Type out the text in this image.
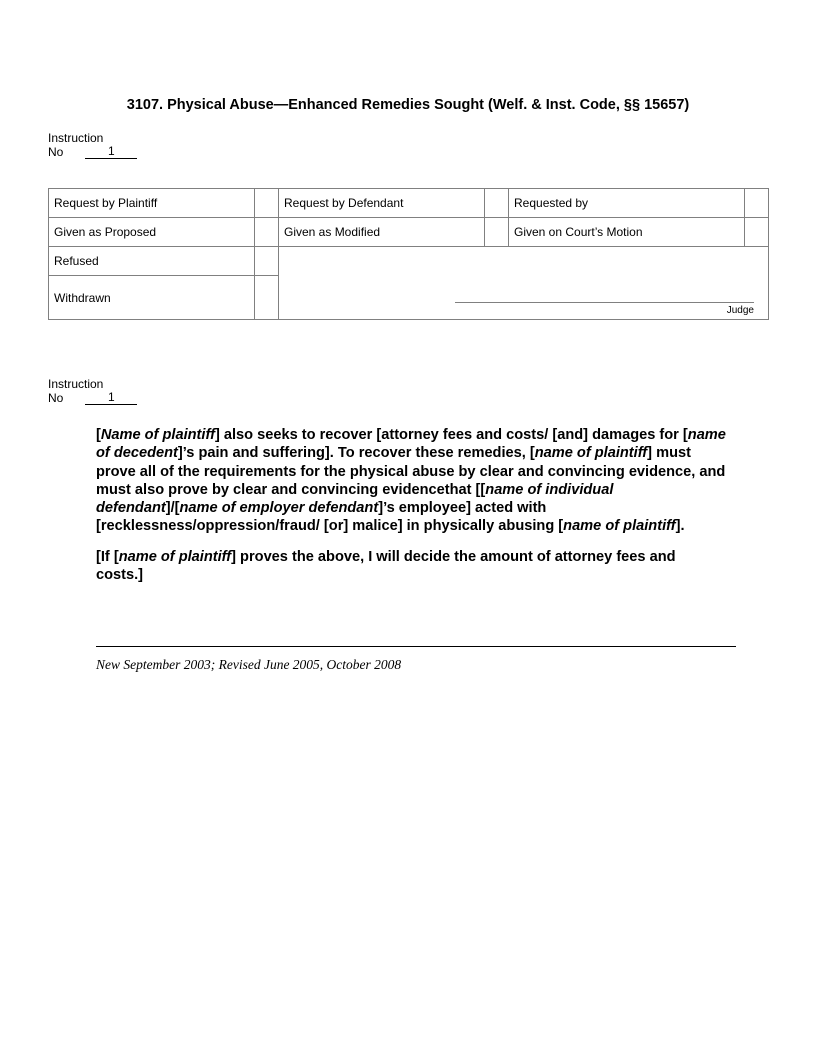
3107. Physical Abuse—Enhanced Remedies Sought (Welf. & Inst. Code, §§ 15657)
Instruction
No	1
Request by Plaintiff		Request by Defendant		Requested by	
Given as Proposed		Given as Modified		Given on Court’s Motion	
Refused		Judge			

Withdrawn					
Instruction
No	1

[Name of plaintiff] also seeks to recover [attorney fees and costs/ [and] damages for [name of decedent]’s pain and suffering]. To recover these remedies, [name of plaintiff] must prove all of the requirements for the physical abuse by clear and convincing evidence, and must also prove by clear and convincing evidencethat [[name of individual defendant]/[name of employer defendant]’s employee] acted with [recklessness/oppression/fraud/ [or] malice] in physically abusing [name of plaintiff].

[If [name of plaintiff] proves the above, I will decide the amount of attorney fees and costs.]

New September 2003; Revised June 2005, October 2008
